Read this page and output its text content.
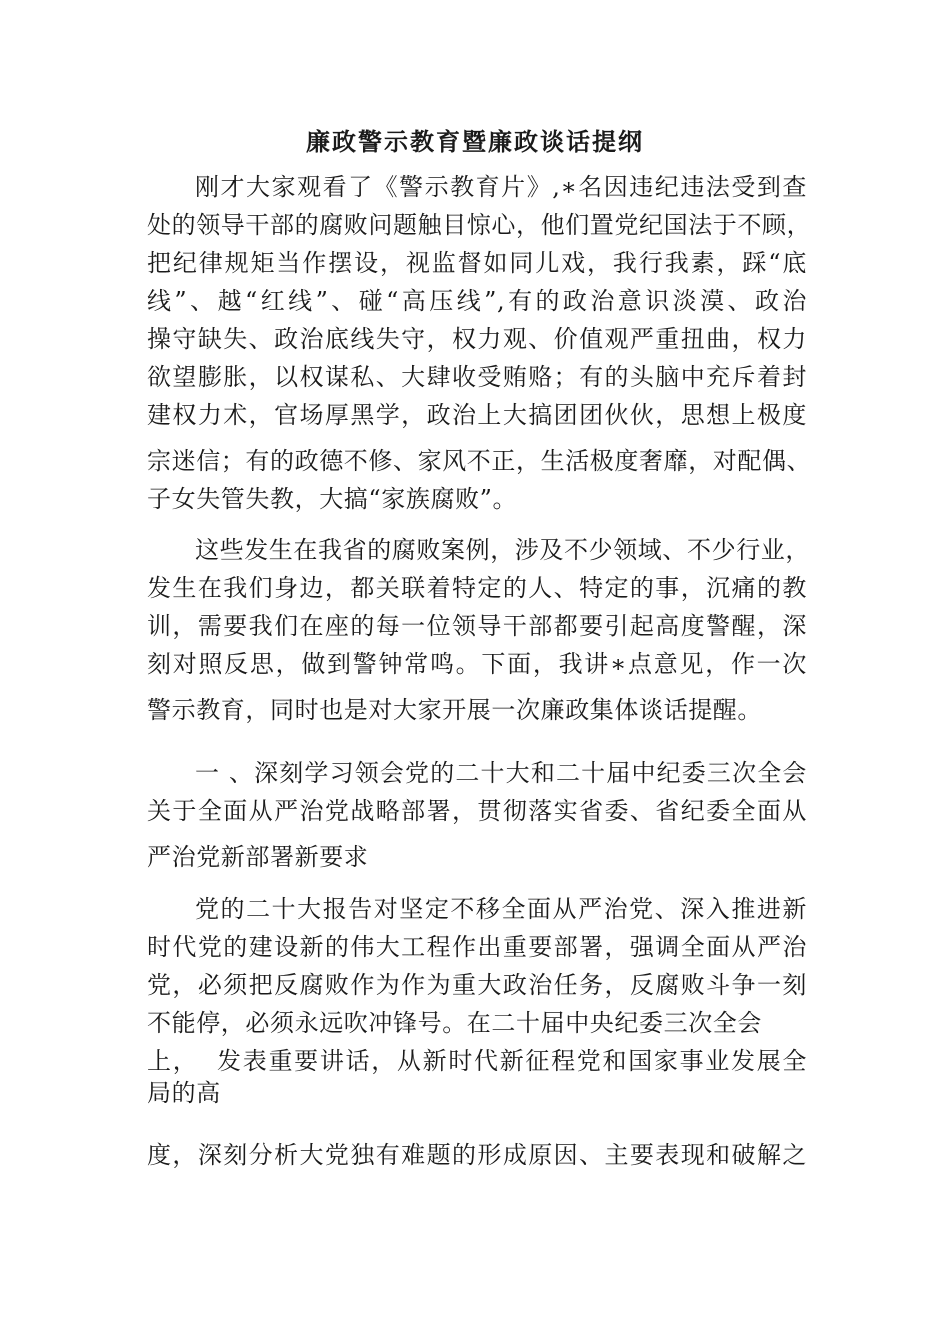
廉政警示教育暨廉政谈话提纲
刚才大家观看了《警示教育片》,∗名因违纪违法受到查
处的领导干部的腐败问题触目惊心，他们置党纪国法于不顾，
把纪律规矩当作摆设，视监督如同儿戏，我行我素，踩“底
线”、越“红线”、碰“高压线”,有的政治意识淡漠、政治
操守缺失、政治底线失守，权力观、价值观严重扭曲，权力
欲望膨胀，以权谋私、大肆收受贿赂；有的头脑中充斥着封
建权力术，官场厚黑学，政治上大搞团团伙伙，思想上极度
宗迷信；有的政德不修、家风不正，生活极度奢靡，对配偶、
子女失管失教，大搞“家族腐败”。
这些发生在我省的腐败案例，涉及不少领域、不少行业，
发生在我们身边，都关联着特定的人、特定的事，沉痛的教
训，需要我们在座的每一位领导干部都要引起高度警醒，深
刻对照反思，做到警钟常鸣。下面，我讲∗点意见，作一次
警示教育，同时也是对大家开展一次廉政集体谈话提醒。
一 、深刻学习领会党的二十大和二十届中纪委三次全会
关于全面从严治党战略部署，贯彻落实省委、省纪委全面从
严治党新部署新要求
党的二十大报告对坚定不移全面从严治党、深入推进新
时代党的建设新的伟大工程作出重要部署，强调全面从严治
党，必须把反腐败作为作为重大政治任务，反腐败斗争一刻
不能停，必须永远吹冲锋号。在二十届中央纪委三次全会
上，  发表重要讲话，从新时代新征程党和国家事业发展全
局的高
度，深刻分析大党独有难题的形成原因、主要表现和破解之
